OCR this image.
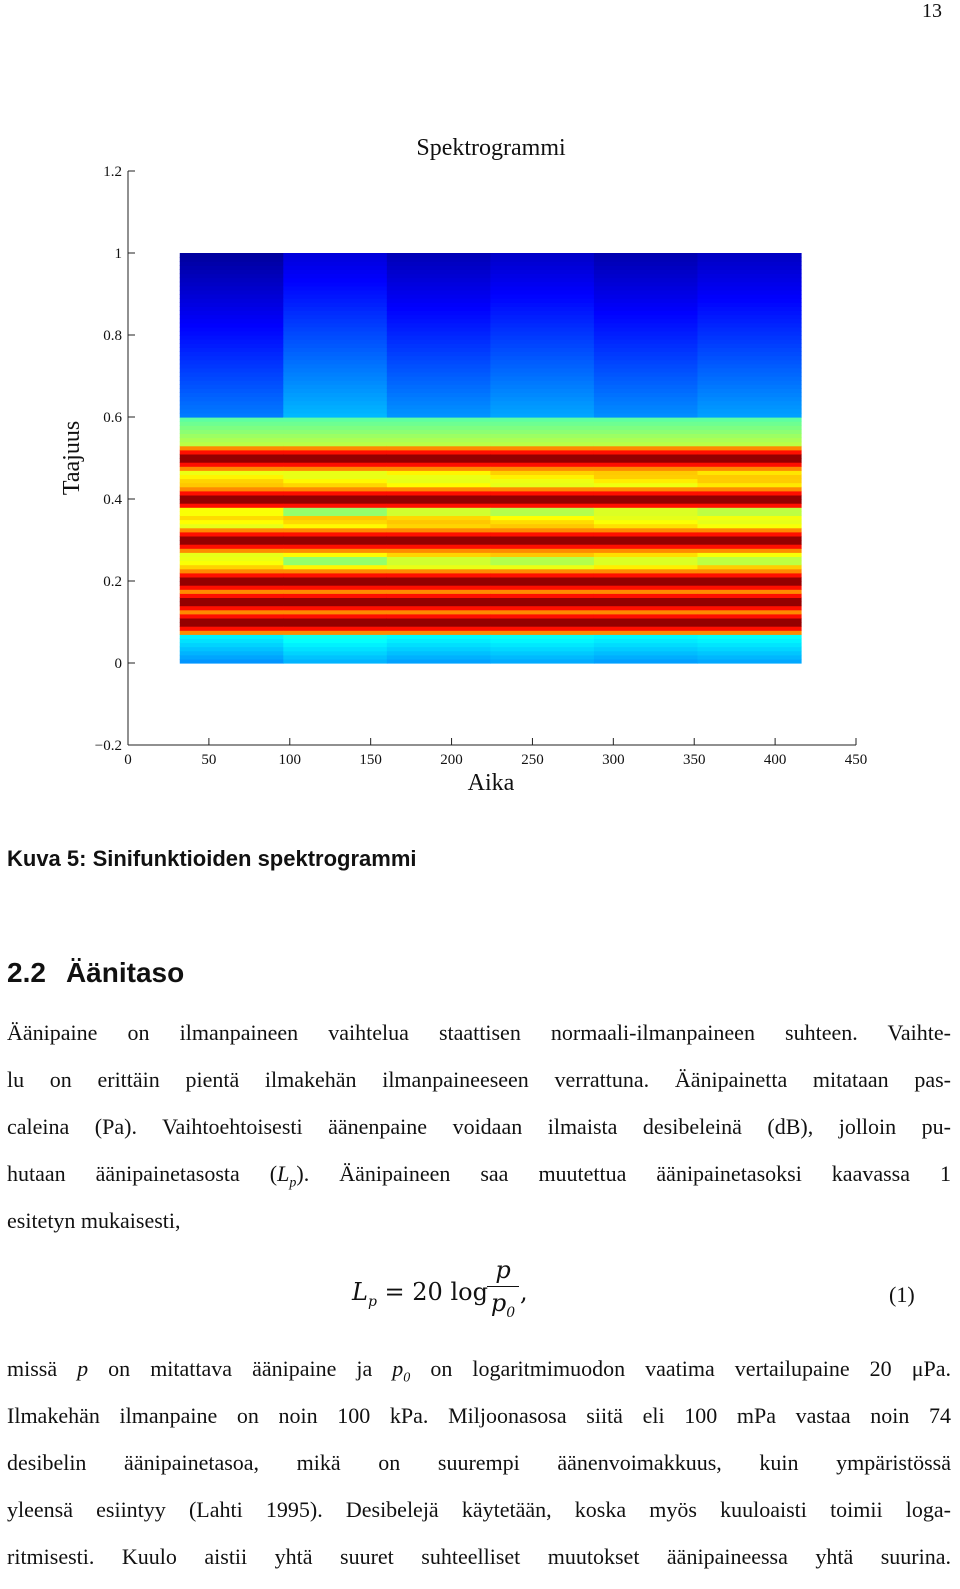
13
0	50	100	150	200	250	300	350	400	450
1.2
1
0.8
0.6
0.4
0.2
0
−0.2
Spektrogrammi
Aika
Taajuus
Kuva 5: Sinifunktioiden spektrogrammi
2.2 Äänitaso

Äänipaine on ilmanpaineen vaihtelua staattisen normaali-ilmanpaineen suhteen. Vaihte-
lu on erittäin pientä ilmakehän ilmanpaineeseen verrattuna. Äänipainetta mitataan pas-
caleina (Pa). Vaihtoehtoisesti äänenpaine voidaan ilmaista desibeleinä (dB), jolloin pu-
hutaan äänipainetasosta $(L_p)$. Äänipaineen saa muutettua äänipainetasoksi kaavassa 1
esitetyn mukaisesti,

$L_p = 20$ log
p
$p_0$
,	(1)

missä p on mitattava äänipaine ja $p_0$ on logaritmimuodon vaatima vertailupaine 20 μPa.
Ilmakehän ilmanpaine on noin 100 kPa. Miljoonasosa siitä eli 100 mPa vastaa noin 74
desibelin äänipainetasoa, mikä on suurempi äänenvoimakkuus, kuin ympäristössä
yleensä esiintyy (Lahti 1995). Desibelejä käytetään, koska myös kuuloaisti toimii loga-
ritmisesti. Kuulo aistii yhtä suuret suhteelliset muutokset äänipaineessa yhtä suurina.
